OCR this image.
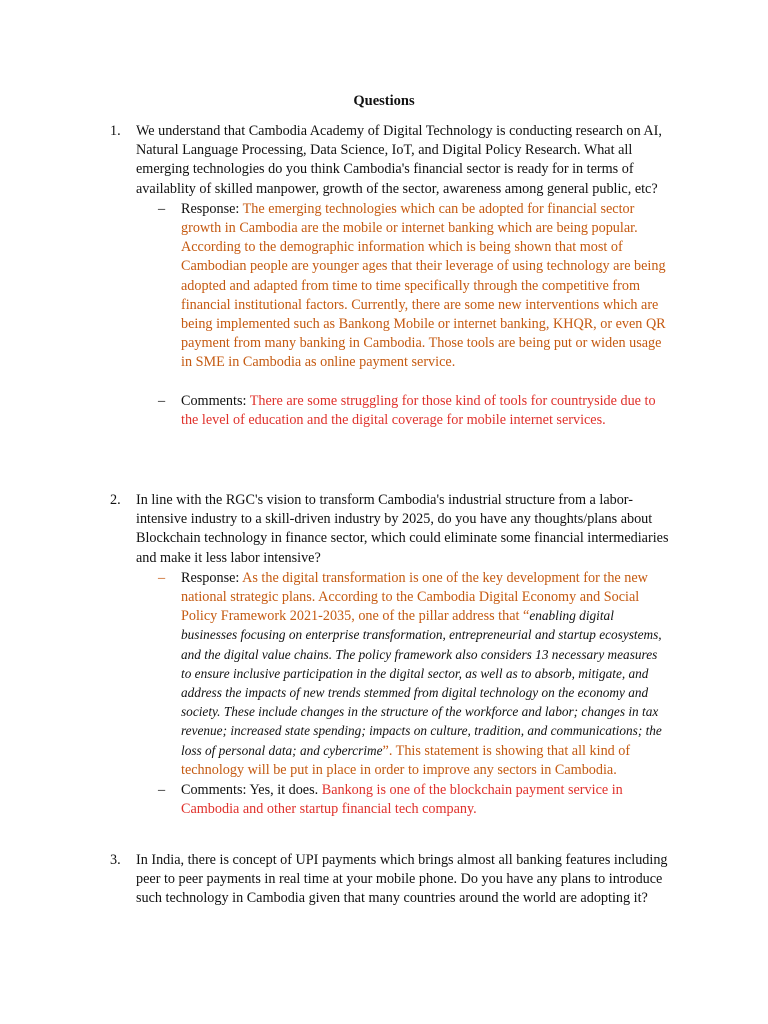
Questions
1. We understand that Cambodia Academy of Digital Technology is conducting research on AI, Natural Language Processing, Data Science, IoT, and Digital Policy Research. What all emerging technologies do you think Cambodia's financial sector is ready for in terms of availablity of skilled manpower, growth of the sector, awareness among general public, etc?
– Response: The emerging technologies which can be adopted for financial sector growth in Cambodia are the mobile or internet banking which are being popular. According to the demographic information which is being shown that most of Cambodian people are younger ages that their leverage of using technology are being adopted and adapted from time to time specifically through the competitive from financial institutional factors. Currently, there are some new interventions which are being implemented such as Bankong Mobile or internet banking, KHQR, or even QR payment from many banking in Cambodia. Those tools are being put or widen usage in SME in Cambodia as online payment service.
– Comments: There are some struggling for those kind of tools for countryside due to the level of education and the digital coverage for mobile internet services.
2. In line with the RGC's vision to transform Cambodia's industrial structure from a labor-intensive industry to a skill-driven industry by 2025, do you have any thoughts/plans about Blockchain technology in finance sector, which could eliminate some financial intermediaries and make it less labor intensive?
– Response: As the digital transformation is one of the key development for the new national strategic plans. According to the Cambodia Digital Economy and Social Policy Framework 2021-2035, one of the pillar address that “enabling digital businesses focusing on enterprise transformation, entrepreneurial and startup ecosystems, and the digital value chains. The policy framework also considers 13 necessary measures to ensure inclusive participation in the digital sector, as well as to absorb, mitigate, and address the impacts of new trends stemmed from digital technology on the economy and society. These include changes in the structure of the workforce and labor; changes in tax revenue; increased state spending; impacts on culture, tradition, and communications; the loss of personal data; and cybercrime”. This statement is showing that all kind of technology will be put in place in order to improve any sectors in Cambodia.
– Comments: Yes, it does. Bankong is one of the blockchain payment service in Cambodia and other startup financial tech company.
3. In India, there is concept of UPI payments which brings almost all banking features including peer to peer payments in real time at your mobile phone. Do you have any plans to introduce such technology in Cambodia given that many countries around the world are adopting it?
